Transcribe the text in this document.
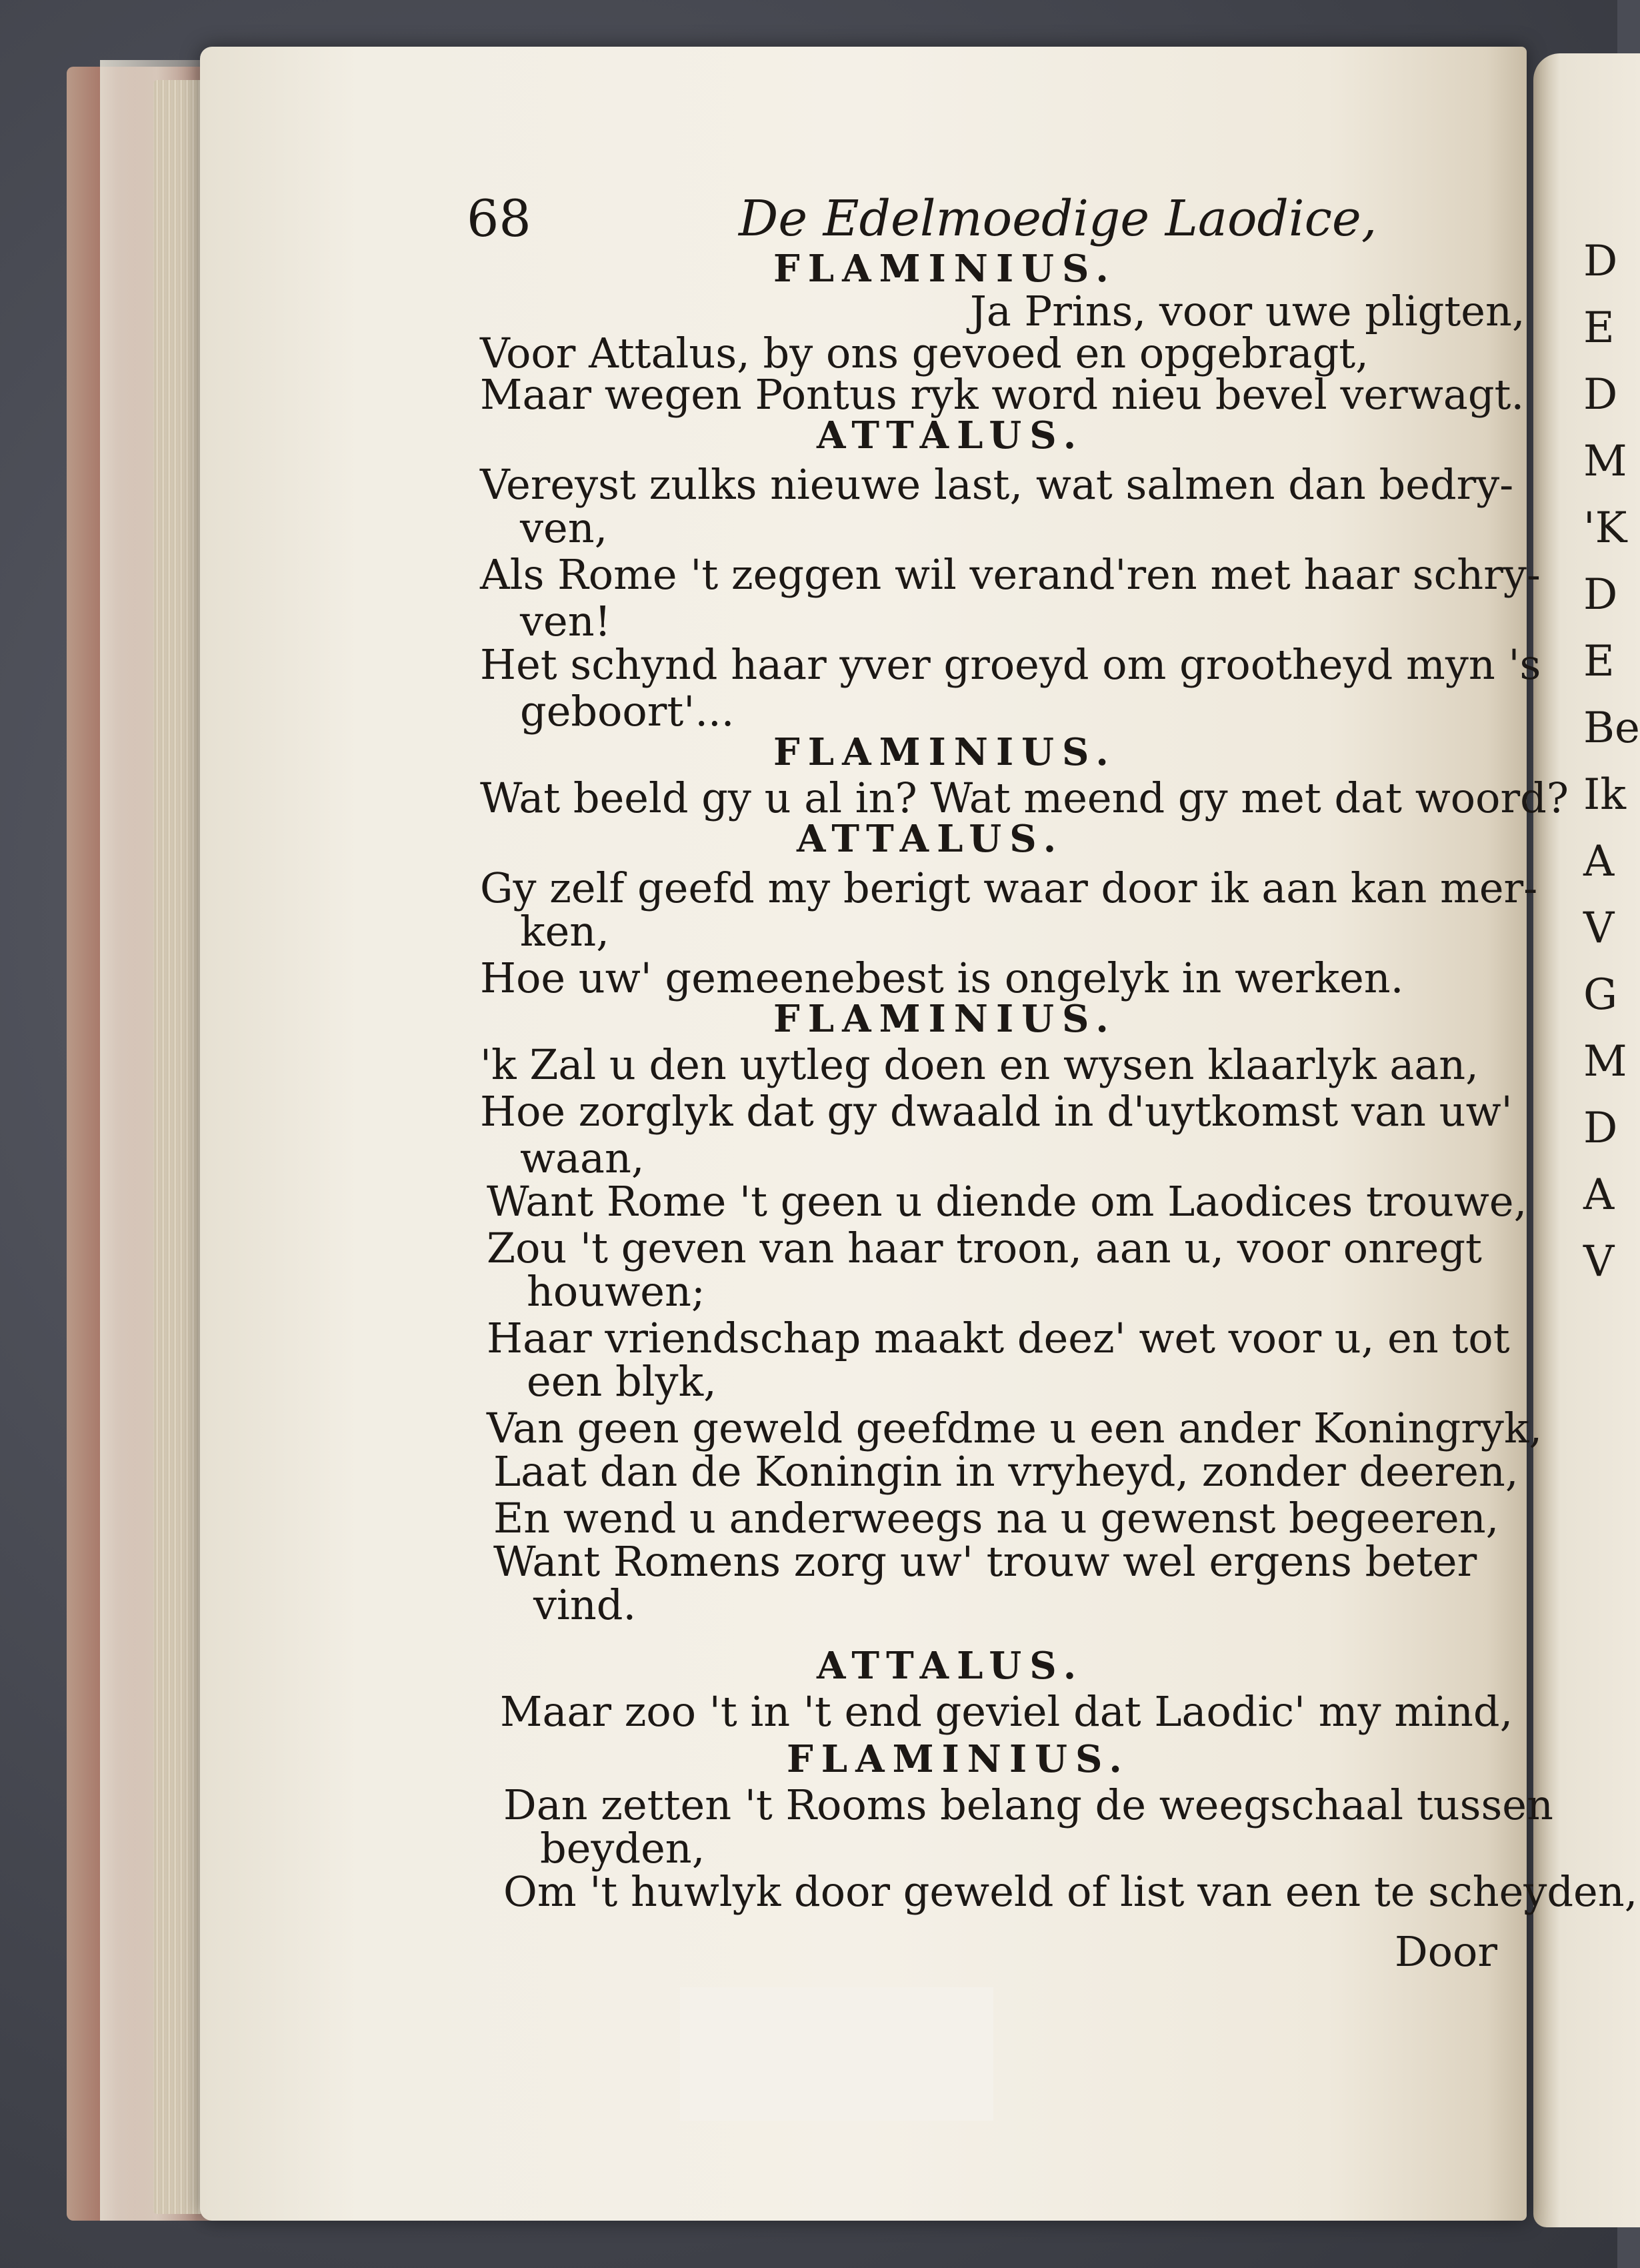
D
E
D
M
'K
D
E
Be
Ik
A
V
G
M
D
A
V
68	De Edelmoedige Laodice,
FLAMINIUS.
Ja Prins, voor uwe pligten,
Voor Attalus, by ons gevoed en opgebragt,
Maar wegen Pontus ryk word nieu bevel verwagt.
ATTALUS.
Vereyst zulks nieuwe last, wat salmen dan bedry-
ven,
Als Rome 't zeggen wil verand'ren met haar schry-
ven!
Het schynd haar yver groeyd om grootheyd myn 's
geboort'...
FLAMINIUS.
Wat beeld gy u al in? Wat meend gy met dat woord?
ATTALUS.
Gy zelf geefd my berigt waar door ik aan kan mer-
ken,
Hoe uw' gemeenebest is ongelyk in werken.
FLAMINIUS.
'k Zal u den uytleg doen en wysen klaarlyk aan,
Hoe zorglyk dat gy dwaald in d'uytkomst van uw'
waan,
Want Rome 't geen u diende om Laodices trouwe,
Zou 't geven van haar troon, aan u, voor onregt
houwen;
Haar vriendschap maakt deez' wet voor u, en tot
een blyk,
Van geen geweld geefdme u een ander Koningryk,
Laat dan de Koningin in vryheyd, zonder deeren,
En wend u anderweegs na u gewenst begeeren,
Want Romens zorg uw' trouw wel ergens beter
vind.
ATTALUS.
Maar zoo 't in 't end geviel dat Laodic' my mind,
FLAMINIUS.
Dan zetten 't Rooms belang de weegschaal tussen
beyden,
Om 't huwlyk door geweld of list van een te scheyden,
Door
